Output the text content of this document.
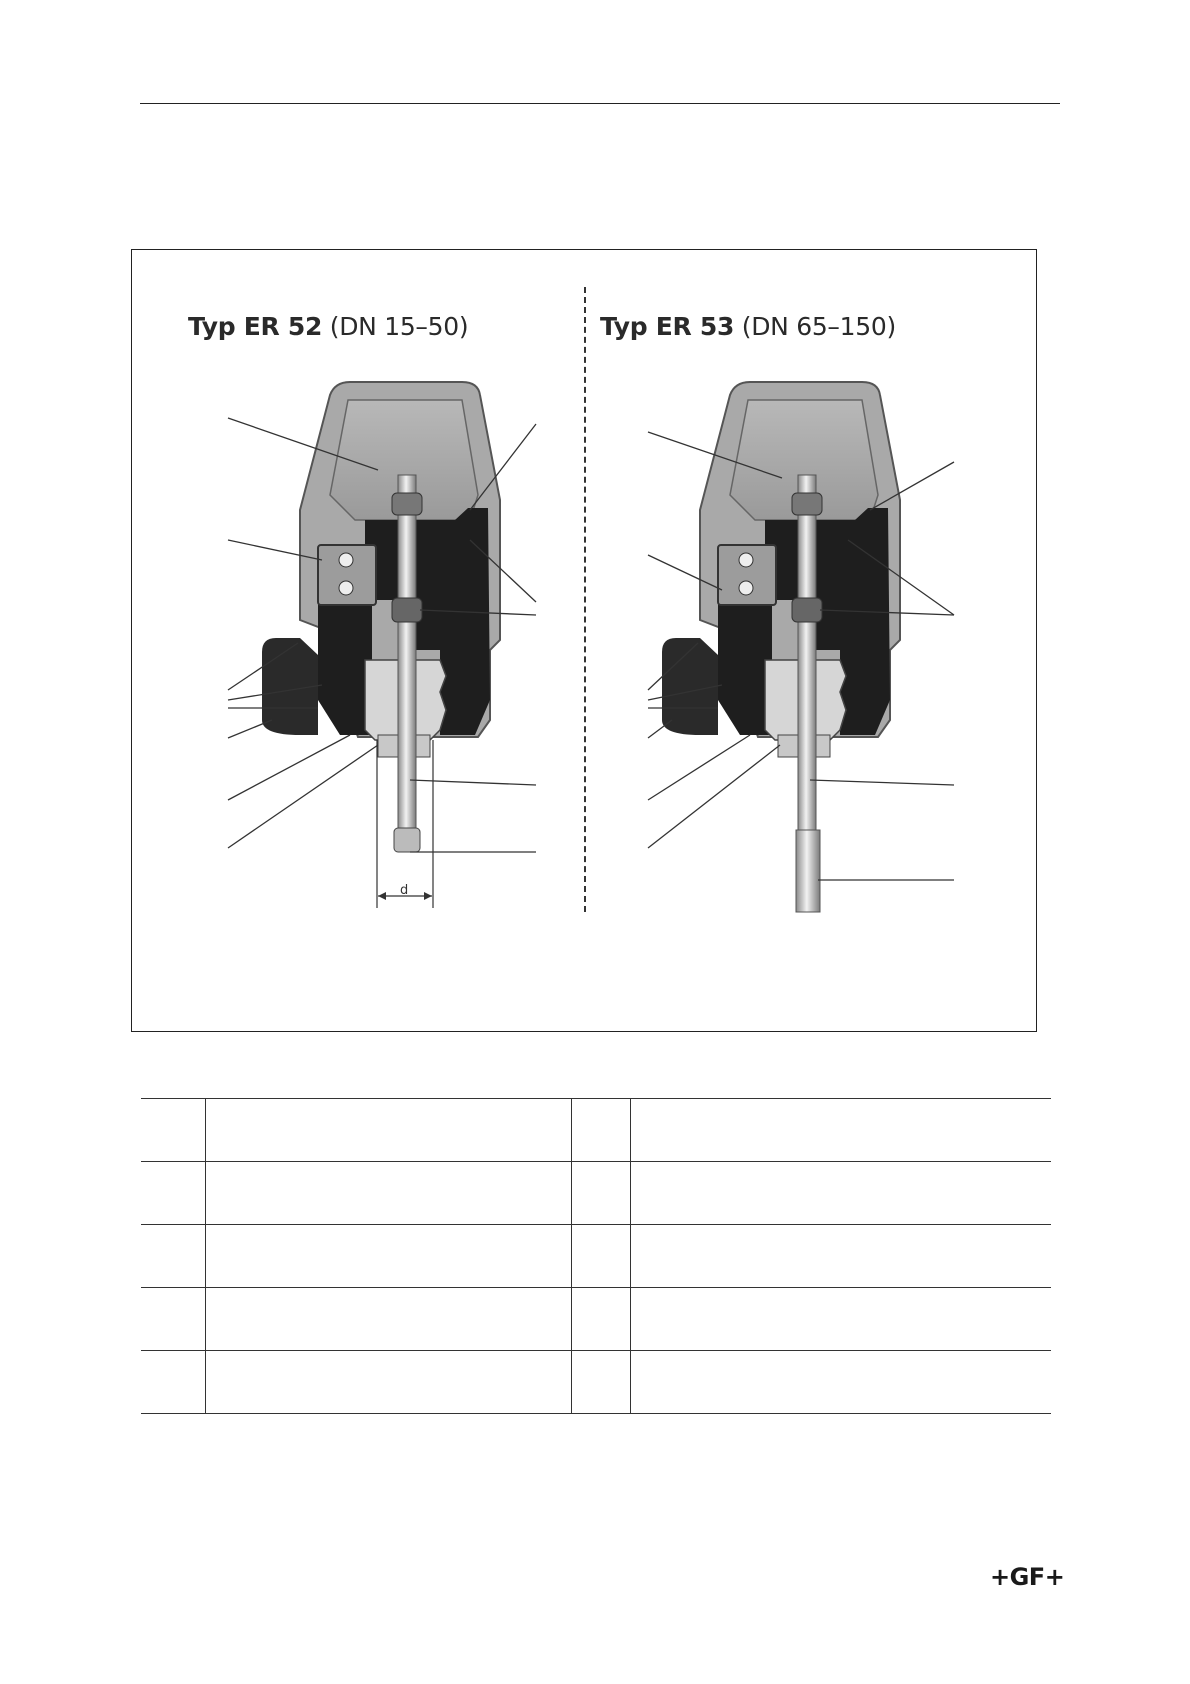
Typ ER 52 (DN 15–50)	Typ ER 53 (DN 65–150)
d

+GF+
